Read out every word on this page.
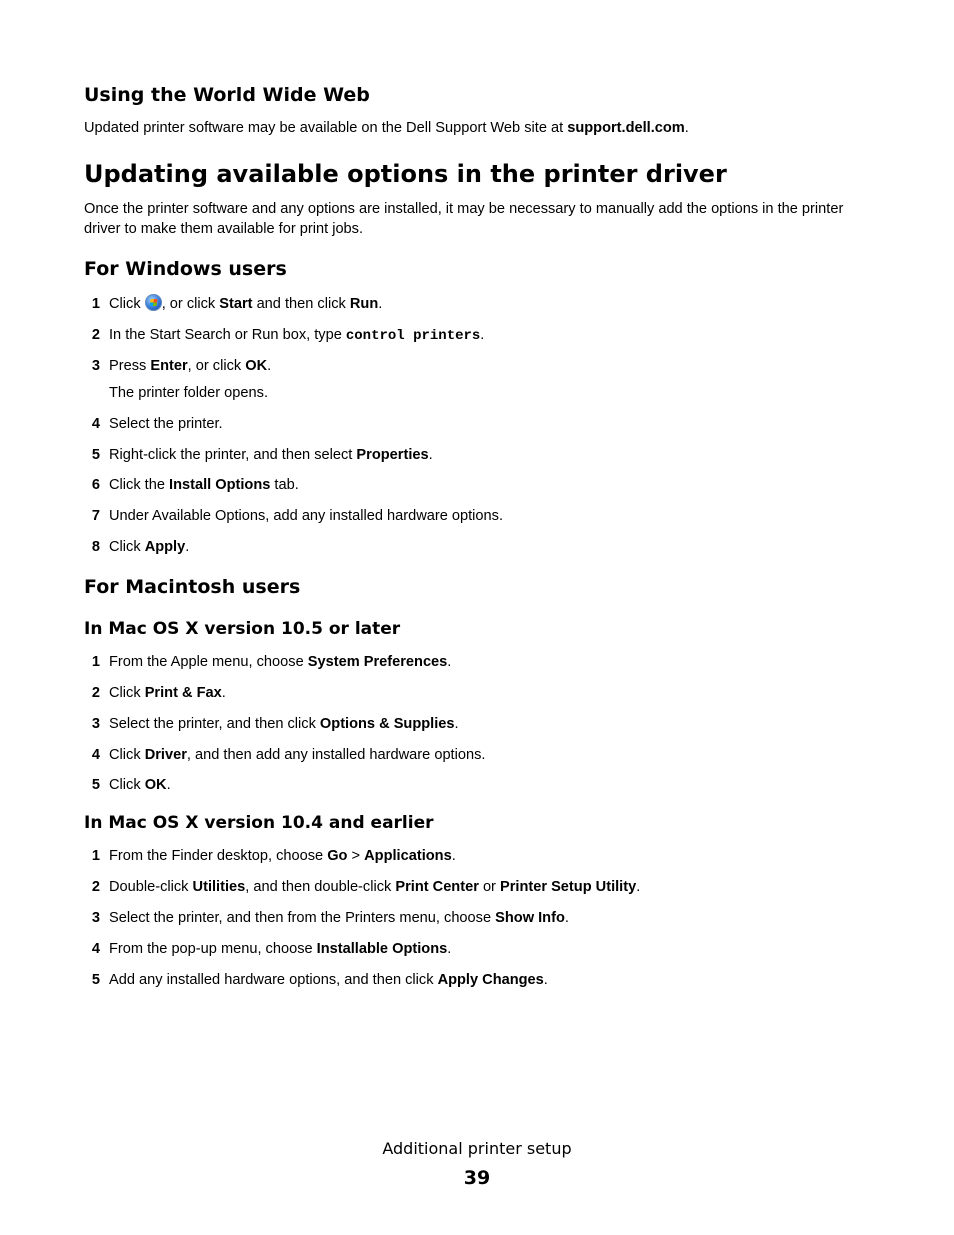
Using the World Wide Web

Updated printer software may be available on the Dell Support Web site at support.dell.com.

Updating available options in the printer driver

Once the printer software and any options are installed, it may be necessary to manually add the options in the printer driver to make them available for print jobs.

For Windows users
1 Click , or click Start and then click Run.
2 In the Start Search or Run box, type control printers.
3 Press Enter, or click OK.
The printer folder opens.
4 Select the printer.
5 Right-click the printer, and then select Properties.
6 Click the Install Options tab.
7 Under Available Options, add any installed hardware options.
8 Click Apply.
For Macintosh users
In Mac OS X version 10.5 or later
1 From the Apple menu, choose System Preferences.
2 Click Print & Fax.
3 Select the printer, and then click Options & Supplies.
4 Click Driver, and then add any installed hardware options.
5 Click OK.
In Mac OS X version 10.4 and earlier
1 From the Finder desktop, choose Go > Applications.
2 Double-click Utilities, and then double-click Print Center or Printer Setup Utility.
3 Select the printer, and then from the Printers menu, choose Show Info.
4 From the pop-up menu, choose Installable Options.
5 Add any installed hardware options, and then click Apply Changes.
Additional printer setup
39
